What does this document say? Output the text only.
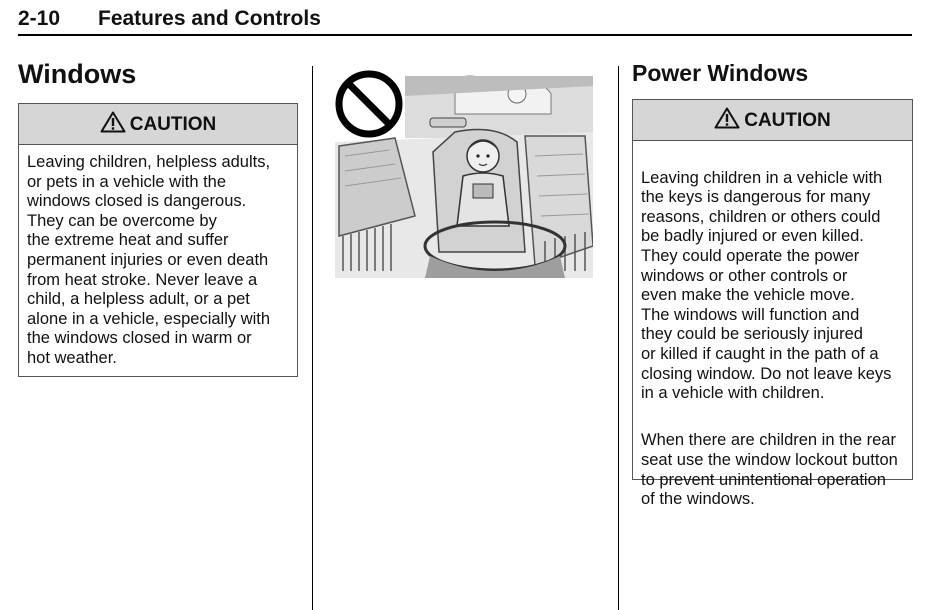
2-10 Features and Controls
Windows
CAUTION
Leaving children, helpless adults,
or pets in a vehicle with the
windows closed is dangerous.
They can be overcome by
the extreme heat and suffer
permanent injuries or even death
from heat stroke. Never leave a
child, a helpless adult, or a pet
alone in a vehicle, especially with
the windows closed in warm or
hot weather.
Power Windows
CAUTION

Leaving children in a vehicle with
the keys is dangerous for many
reasons, children or others could
be badly injured or even killed.
They could operate the power
windows or other controls or
even make the vehicle move.
The windows will function and
they could be seriously injured
or killed if caught in the path of a
closing window. Do not leave keys
in a vehicle with children.

When there are children in the rear
seat use the window lockout button
to prevent unintentional operation
of the windows.
